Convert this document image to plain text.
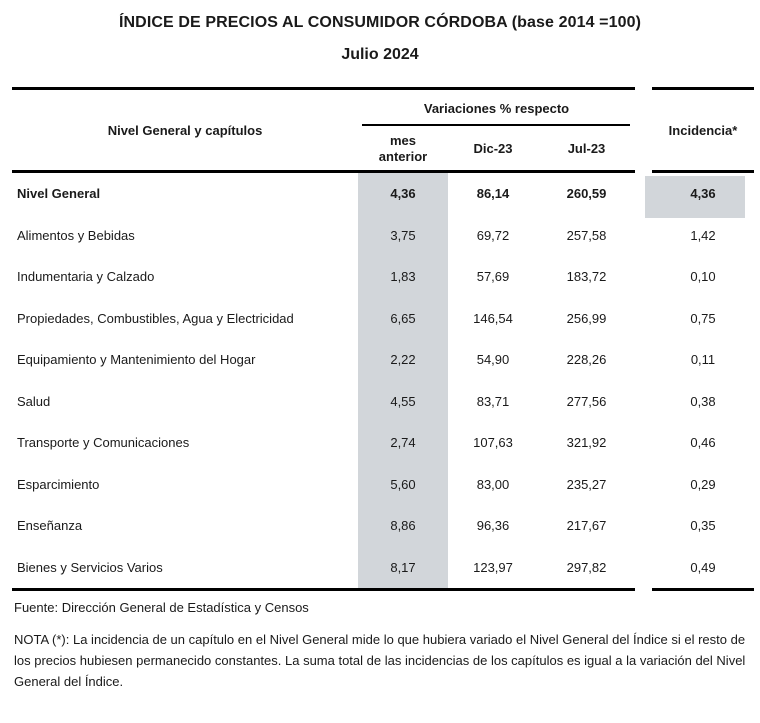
ÍNDICE DE PRECIOS AL CONSUMIDOR CÓRDOBA (base 2014 =100)
Julio 2024
Nivel General y capítulos
Variaciones % respecto
mes anterior	Dic-23	Jul-23
Incidencia*
Nivel General	4,36	86,14	260,59	4,36
Alimentos y Bebidas	3,75	69,72	257,58	1,42
Indumentaria y Calzado	1,83	57,69	183,72	0,10
Propiedades, Combustibles, Agua y Electricidad	6,65	146,54	256,99	0,75
Equipamiento y Mantenimiento del Hogar	2,22	54,90	228,26	0,11
Salud	4,55	83,71	277,56	0,38
Transporte y Comunicaciones	2,74	107,63	321,92	0,46
Esparcimiento	5,60	83,00	235,27	0,29
Enseñanza	8,86	96,36	217,67	0,35
Bienes y Servicios Varios	8,17	123,97	297,82	0,49
Fuente: Dirección General de Estadística y Censos
NOTA (*): La incidencia de un capítulo en el Nivel General mide lo que hubiera variado el Nivel General del Índice si el resto de los precios hubiesen permanecido constantes. La suma total de las incidencias de los capítulos es igual a la variación del Nivel General del Índice.
